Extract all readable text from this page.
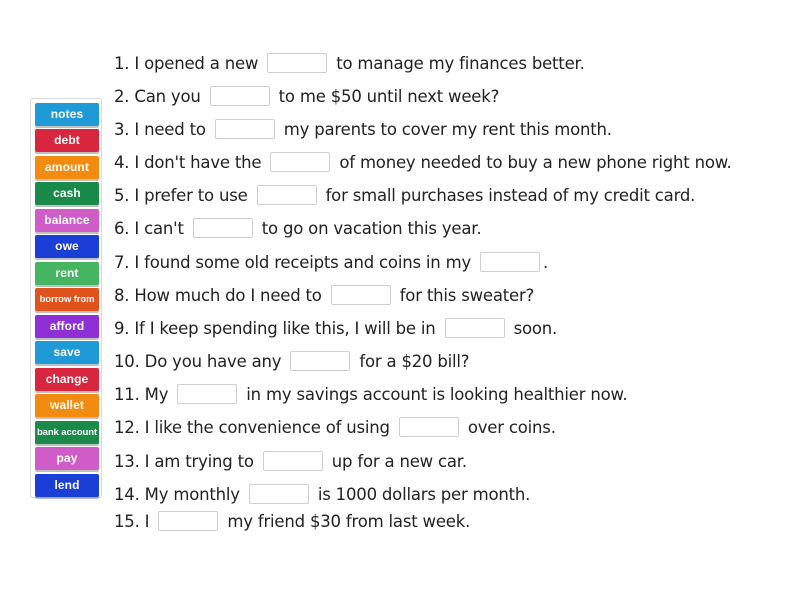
notes
debt
amount
cash
balance
owe
rent
borrow from
afford
save
change
wallet
bank account
pay
lend
1. I opened a new	to manage my finances better.
2. Can you	to me $50 until next week?
3. I need to	my parents to cover my rent this month.
4. I don't have the	of money needed to buy a new phone right now.
5. I prefer to use	for small purchases instead of my credit card.
6. I can't	to go on vacation this year.
7. I found some old receipts and coins in my	.
8. How much do I need to	for this sweater?
9. If I keep spending like this, I will be in	soon.
10. Do you have any	for a $20 bill?
11. My	in my savings account is looking healthier now.
12. I like the convenience of using	over coins.
13. I am trying to	up for a new car.
14. My monthly	is 1000 dollars per month.
15. I	my friend $30 from last week.
